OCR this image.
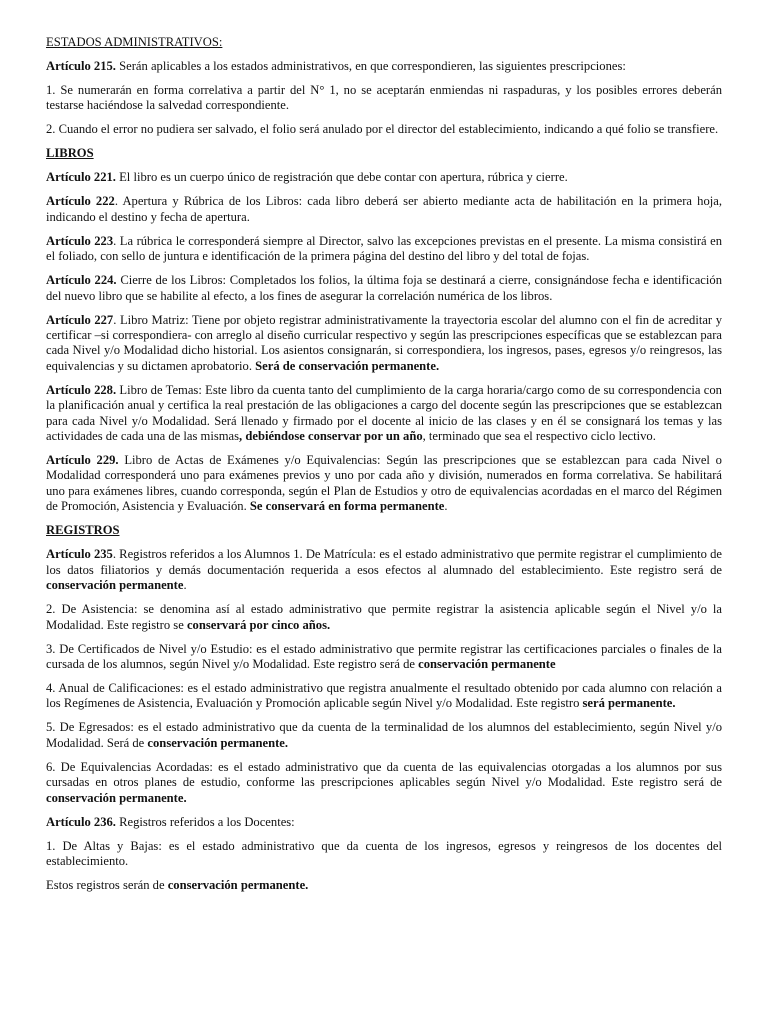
ESTADOS ADMINISTRATIVOS:

Artículo 215. Serán aplicables a los estados administrativos, en que correspondieren, las siguientes prescripciones:

1. Se numerarán en forma correlativa a partir del N° 1, no se aceptarán enmiendas ni raspaduras, y los posibles errores deberán testarse haciéndose la salvedad correspondiente.

2. Cuando el error no pudiera ser salvado, el folio será anulado por el director del establecimiento, indicando a qué folio se transfiere.

LIBROS

Artículo 221. El libro es un cuerpo único de registración que debe contar con apertura, rúbrica y cierre.

Artículo 222. Apertura y Rúbrica de los Libros: cada libro deberá ser abierto mediante acta de habilitación en la primera hoja, indicando el destino y fecha de apertura.

Artículo 223. La rúbrica le corresponderá siempre al Director, salvo las excepciones previstas en el presente. La misma consistirá en el foliado, con sello de juntura e identificación de la primera página del destino del libro y del total de fojas.

Artículo 224. Cierre de los Libros: Completados los folios, la última foja se destinará a cierre, consignándose fecha e identificación del nuevo libro que se habilite al efecto, a los fines de asegurar la correlación numérica de los libros.

Artículo 227. Libro Matriz: Tiene por objeto registrar administrativamente la trayectoria escolar del alumno con el fin de acreditar y certificar –si correspondiera- con arreglo al diseño curricular respectivo y según las prescripciones específicas que se establezcan para cada Nivel y/o Modalidad dicho historial. Los asientos consignarán, si correspondiera, los ingresos, pases, egresos y/o reingresos, las equivalencias y su dictamen aprobatorio. Será de conservación permanente.

Artículo 228. Libro de Temas: Este libro da cuenta tanto del cumplimiento de la carga horaria/cargo como de su correspondencia con la planificación anual y certifica la real prestación de las obligaciones a cargo del docente según las prescripciones que se establezcan para cada Nivel y/o Modalidad. Será llenado y firmado por el docente al inicio de las clases y en él se consignará los temas y las actividades de cada una de las mismas, debiéndose conservar por un año, terminado que sea el respectivo ciclo lectivo.

Artículo 229. Libro de Actas de Exámenes y/o Equivalencias: Según las prescripciones que se establezcan para cada Nivel o Modalidad corresponderá uno para exámenes previos y uno por cada año y división, numerados en forma correlativa. Se habilitará uno para exámenes libres, cuando corresponda, según el Plan de Estudios y otro de equivalencias acordadas en el marco del Régimen de Promoción, Asistencia y Evaluación. Se conservará en forma permanente.

REGISTROS

Artículo 235. Registros referidos a los Alumnos 1. De Matrícula: es el estado administrativo que permite registrar el cumplimiento de los datos filiatorios y demás documentación requerida a esos efectos al alumnado del establecimiento. Este registro será de conservación permanente.

2. De Asistencia: se denomina así al estado administrativo que permite registrar la asistencia aplicable según el Nivel y/o la Modalidad. Este registro se conservará por cinco años.

3. De Certificados de Nivel y/o Estudio: es el estado administrativo que permite registrar las certificaciones parciales o finales de la cursada de los alumnos, según Nivel y/o Modalidad. Este registro será de conservación permanente

4. Anual de Calificaciones: es el estado administrativo que registra anualmente el resultado obtenido por cada alumno con relación a los Regímenes de Asistencia, Evaluación y Promoción aplicable según Nivel y/o Modalidad. Este registro será permanente.

5. De Egresados: es el estado administrativo que da cuenta de la terminalidad de los alumnos del establecimiento, según Nivel y/o Modalidad. Será de conservación permanente.

6. De Equivalencias Acordadas: es el estado administrativo que da cuenta de las equivalencias otorgadas a los alumnos por sus cursadas en otros planes de estudio, conforme las prescripciones aplicables según Nivel y/o Modalidad. Este registro será de conservación permanente.

Artículo 236. Registros referidos a los Docentes:

1. De Altas y Bajas: es el estado administrativo que da cuenta de los ingresos, egresos y reingresos de los docentes del establecimiento.

Estos registros serán de conservación permanente.
